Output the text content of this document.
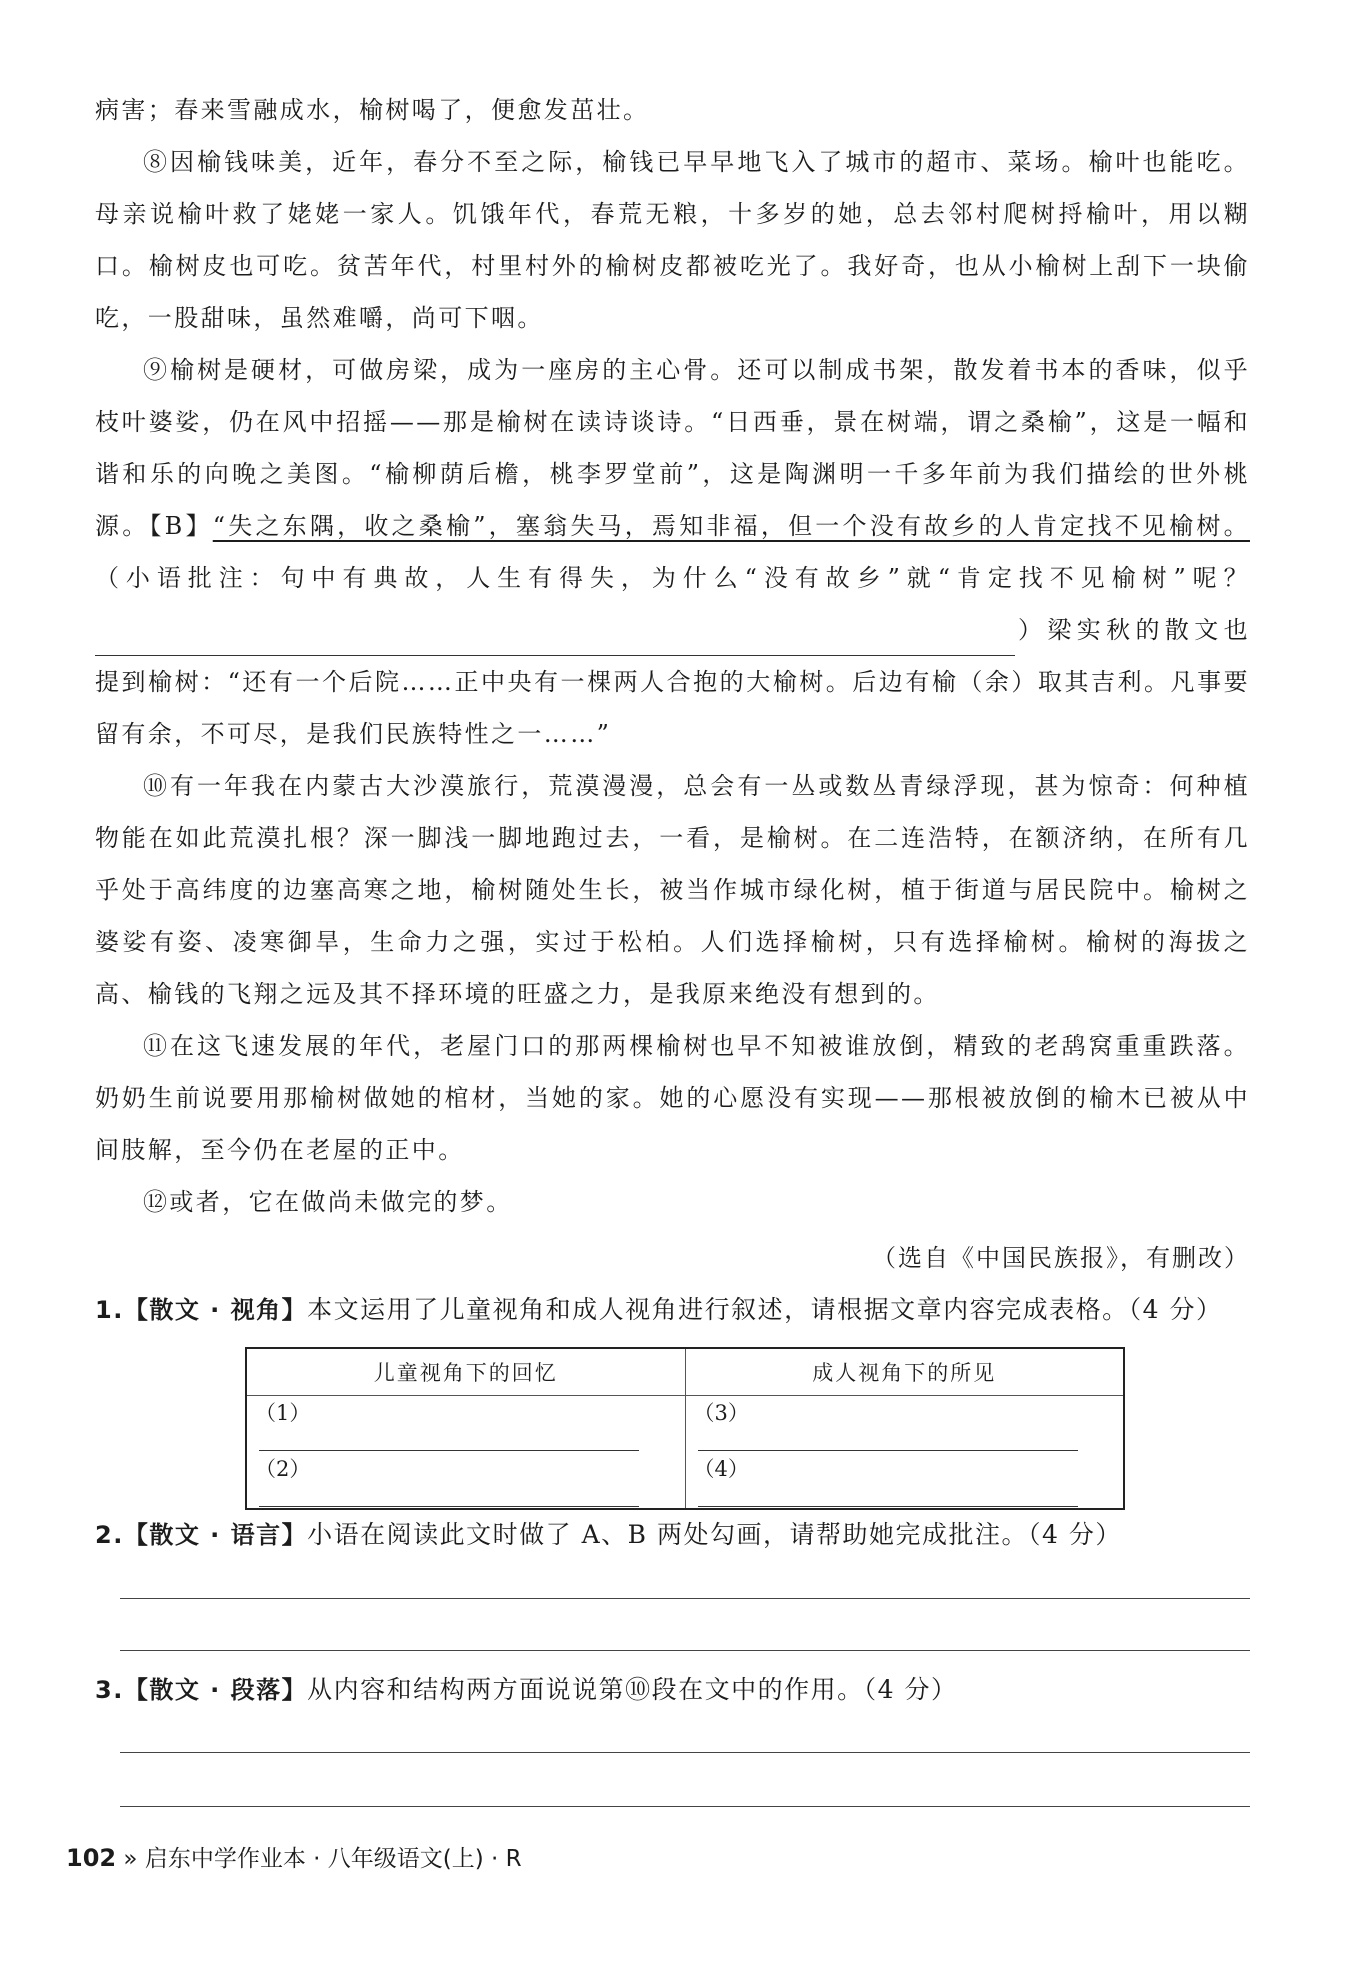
病害；春来雪融成水，榆树喝了，便愈发茁壮。

⑧因榆钱味美，近年，春分不至之际，榆钱已早早地飞入了城市的超市、菜场。榆叶也能吃。母亲说榆叶救了姥姥一家人。饥饿年代，春荒无粮，十多岁的她，总去邻村爬树捋榆叶，用以糊口。榆树皮也可吃。贫苦年代，村里村外的榆树皮都被吃光了。我好奇，也从小榆树上刮下一块偷吃，一股甜味，虽然难嚼，尚可下咽。

⑨榆树是硬材，可做房梁，成为一座房的主心骨。还可以制成书架，散发着书本的香味，似乎枝叶婆娑，仍在风中招摇——那是榆树在读诗谈诗。“日西垂，景在树端，谓之桑榆”，这是一幅和谐和乐的向晚之美图。“榆柳荫后檐，桃李罗堂前”，这是陶渊明一千多年前为我们描绘的世外桃源。【B】“失之东隅，收之桑榆”，塞翁失马，焉知非福，但一个没有故乡的人肯定找不见榆树。（小语批注：句中有典故，人生有得失，为什么“没有故乡”就“肯定找不见榆树”呢？）梁实秋的散文也提到榆树：“还有一个后院……正中央有一棵两人合抱的大榆树。后边有榆（余）取其吉利。凡事要留有余，不可尽，是我们民族特性之一……”

⑩有一年我在内蒙古大沙漠旅行，荒漠漫漫，总会有一丛或数丛青绿浮现，甚为惊奇：何种植物能在如此荒漠扎根？深一脚浅一脚地跑过去，一看，是榆树。在二连浩特，在额济纳，在所有几乎处于高纬度的边塞高寒之地，榆树随处生长，被当作城市绿化树，植于街道与居民院中。榆树之婆娑有姿、凌寒御旱，生命力之强，实过于松柏。人们选择榆树，只有选择榆树。榆树的海拔之高、榆钱的飞翔之远及其不择环境的旺盛之力，是我原来绝没有想到的。

⑪在这飞速发展的年代，老屋门口的那两棵榆树也早不知被谁放倒，精致的老鸹窝重重跌落。奶奶生前说要用那榆树做她的棺材，当她的家。她的心愿没有实现——那根被放倒的榆木已被从中间肢解，至今仍在老屋的正中。

⑫或者，它在做尚未做完的梦。

（选自《中国民族报》，有删改）
1.【散文 · 视角】本文运用了儿童视角和成人视角进行叙述，请根据文章内容完成表格。（4 分）
儿童视角下的回忆	成人视角下的所见
（1）	（3）
（2）	（4）
2.【散文 · 语言】小语在阅读此文时做了 A、B 两处勾画，请帮助她完成批注。（4 分）
3.【散文 · 段落】从内容和结构两方面说说第⑩段在文中的作用。（4 分）
102 » 启东中学作业本 · 八年级语文(上) · R
